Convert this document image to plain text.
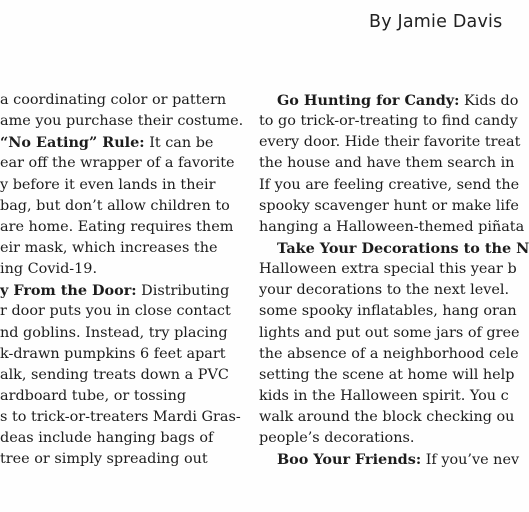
By Jamie Davis
a coordinating color or pattern
ame you purchase their costume.
“No Eating” Rule: It can be
ear off the wrapper of a favorite
y before it even lands in their
bag, but don’t allow children to
are home. Eating requires them
eir mask, which increases the
ing Covid-19.
y From the Door: Distributing
r door puts you in close contact
nd goblins. Instead, try placing
k-drawn pumpkins 6 feet apart
alk, sending treats down a PVC
ardboard tube, or tossing
s to trick-or-treaters Mardi Gras-
deas include hanging bags of
tree or simply spreading out
Go Hunting for Candy: Kids do
to go trick-or-treating to find candy
every door. Hide their favorite treat
the house and have them search in
If you are feeling creative, send the
spooky scavenger hunt or make life
hanging a Halloween-themed piñata
Take Your Decorations to the N
Halloween extra special this year b
your decorations to the next level.
some spooky inflatables, hang oran
lights and put out some jars of gree
the absence of a neighborhood cele
setting the scene at home will help
kids in the Halloween spirit. You c
walk around the block checking ou
people’s decorations.
Boo Your Friends: If you’ve nev
